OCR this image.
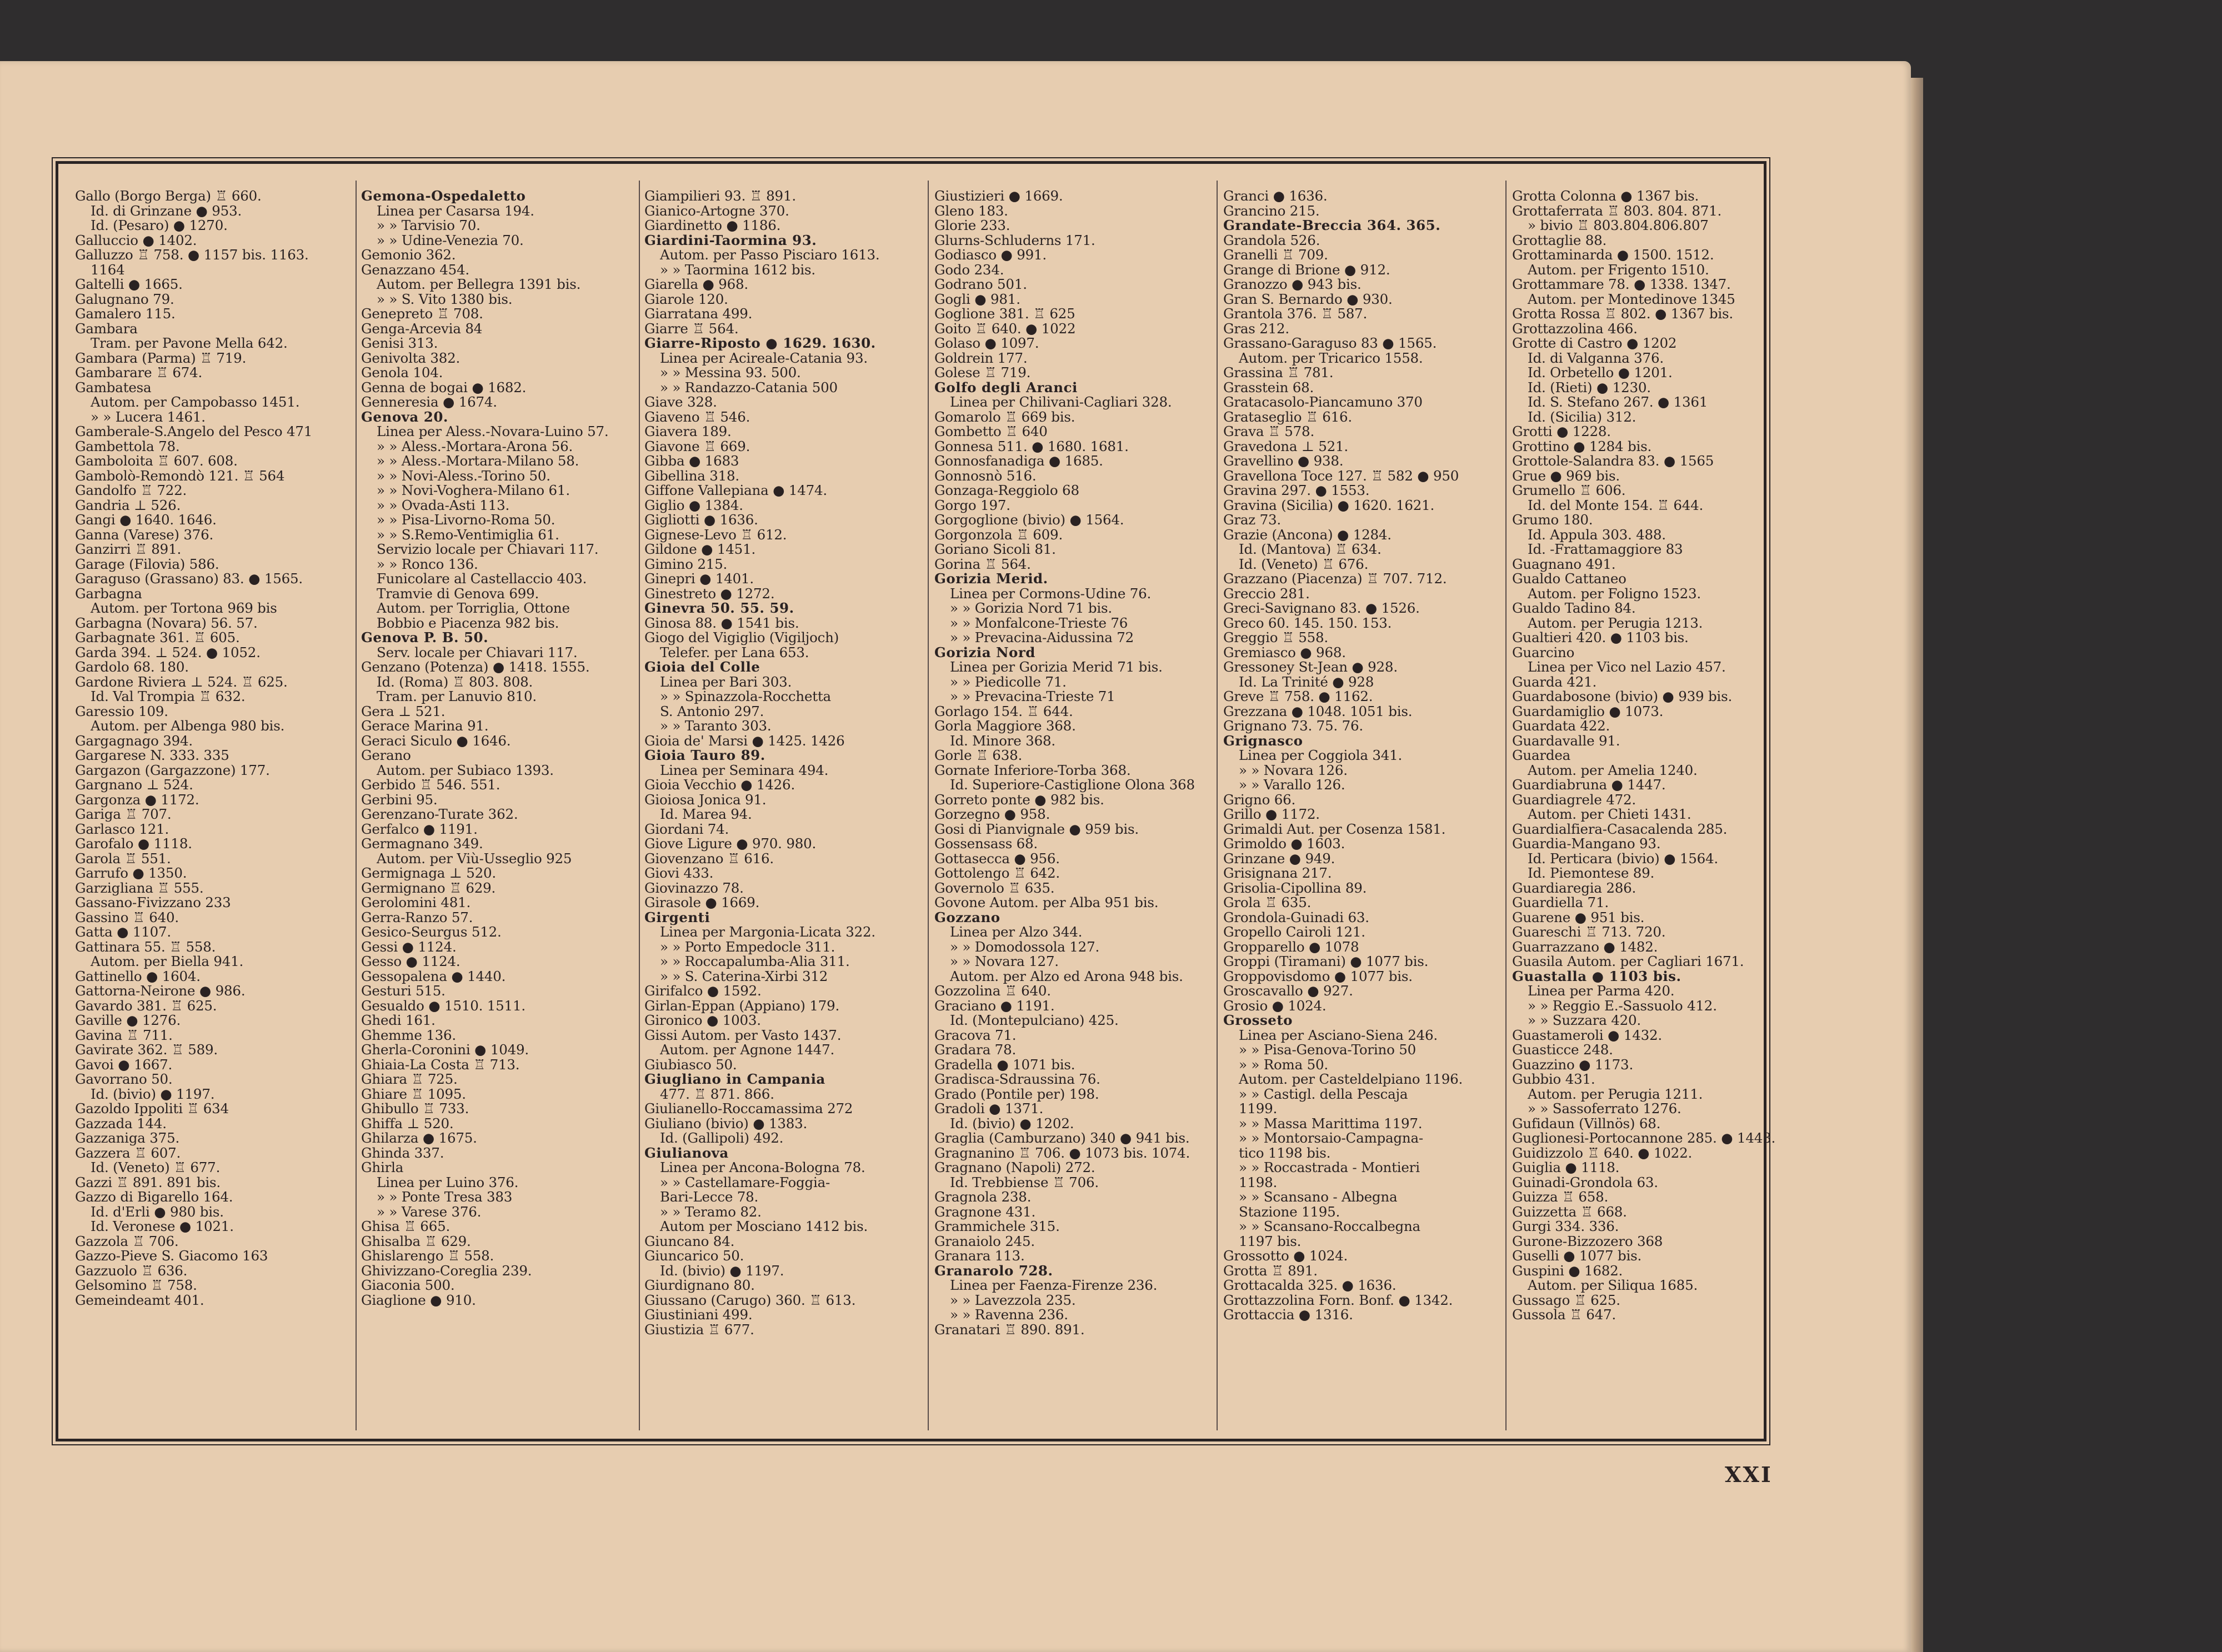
Gallo (Borgo Berga) ♖ 660.
Id. di Grinzane ● 953.
Id. (Pesaro) ● 1270.
Galluccio ● 1402.
Galluzzo ♖ 758. ● 1157 bis. 1163.
1164
Galtelli ● 1665.
Galugnano 79.
Gamalero 115.
Gambara
Tram. per Pavone Mella 642.
Gambara (Parma) ♖ 719.
Gambarare ♖ 674.
Gambatesa
Autom. per Campobasso 1451.
» » Lucera 1461.
Gamberale-S.Angelo del Pesco 471
Gambettola 78.
Gamboloita ♖ 607. 608.
Gambolò-Remondò 121. ♖ 564
Gandolfo ♖ 722.
Gandria ⊥ 526.
Gangi ● 1640. 1646.
Ganna (Varese) 376.
Ganzirri ♖ 891.
Garage (Filovia) 586.
Garaguso (Grassano) 83. ● 1565.
Garbagna
Autom. per Tortona 969 bis
Garbagna (Novara) 56. 57.
Garbagnate 361. ♖ 605.
Garda 394. ⊥ 524. ● 1052.
Gardolo 68. 180.
Gardone Riviera ⊥ 524. ♖ 625.
Id. Val Trompia ♖ 632.
Garessio 109.
Autom. per Albenga 980 bis.
Gargagnago 394.
Gargarese N. 333. 335
Gargazon (Gargazzone) 177.
Gargnano ⊥ 524.
Gargonza ● 1172.
Gariga ♖ 707.
Garlasco 121.
Garofalo ● 1118.
Garola ♖ 551.
Garrufo ● 1350.
Garzigliana ♖ 555.
Gassano-Fivizzano 233
Gassino ♖ 640.
Gatta ● 1107.
Gattinara 55. ♖ 558.
Autom. per Biella 941.
Gattinello ● 1604.
Gattorna-Neirone ● 986.
Gavardo 381. ♖ 625.
Gaville ● 1276.
Gavina ♖ 711.
Gavirate 362. ♖ 589.
Gavoi ● 1667.
Gavorrano 50.
Id. (bivio) ● 1197.
Gazoldo Ippoliti ♖ 634
Gazzada 144.
Gazzaniga 375.
Gazzera ♖ 607.
Id. (Veneto) ♖ 677.
Gazzi ♖ 891. 891 bis.
Gazzo di Bigarello 164.
Id. d'Erli ● 980 bis.
Id. Veronese ● 1021.
Gazzola ♖ 706.
Gazzo-Pieve S. Giacomo 163
Gazzuolo ♖ 636.
Gelsomino ♖ 758.
Gemeindeamt 401.
Gemona-Ospedaletto
Linea per Casarsa 194.
» » Tarvisio 70.
» » Udine-Venezia 70.
Gemonio 362.
Genazzano 454.
Autom. per Bellegra 1391 bis.
» » S. Vito 1380 bis.
Genepreto ♖ 708.
Genga-Arcevia 84
Genisi 313.
Genivolta 382.
Genola 104.
Genna de bogai ● 1682.
Genneresia ● 1674.
Genova 20.
Linea per Aless.-Novara-Luino 57.
» » Aless.-Mortara-Arona 56.
» » Aless.-Mortara-Milano 58.
» » Novi-Aless.-Torino 50.
» » Novi-Voghera-Milano 61.
» » Ovada-Asti 113.
» » Pisa-Livorno-Roma 50.
» » S.Remo-Ventimiglia 61.
Servizio locale per Chiavari 117.
» » Ronco 136.
Funicolare al Castellaccio 403.
Tramvie di Genova 699.
Autom. per Torriglia, Ottone
Bobbio e Piacenza 982 bis.
Genova P. B. 50.
Serv. locale per Chiavari 117.
Genzano (Potenza) ● 1418. 1555.
Id. (Roma) ♖ 803. 808.
Tram. per Lanuvio 810.
Gera ⊥ 521.
Gerace Marina 91.
Geraci Siculo ● 1646.
Gerano
Autom. per Subiaco 1393.
Gerbido ♖ 546. 551.
Gerbini 95.
Gerenzano-Turate 362.
Gerfalco ● 1191.
Germagnano 349.
Autom. per Viù-Usseglio 925
Germignaga ⊥ 520.
Germignano ♖ 629.
Gerolomini 481.
Gerra-Ranzo 57.
Gesico-Seurgus 512.
Gessi ● 1124.
Gesso ● 1124.
Gessopalena ● 1440.
Gesturi 515.
Gesualdo ● 1510. 1511.
Ghedi 161.
Ghemme 136.
Gherla-Coronini ● 1049.
Ghiaia-La Costa ♖ 713.
Ghiara ♖ 725.
Ghiare ♖ 1095.
Ghibullo ♖ 733.
Ghiffa ⊥ 520.
Ghilarza ● 1675.
Ghinda 337.
Ghirla
Linea per Luino 376.
» » Ponte Tresa 383
» » Varese 376.
Ghisa ♖ 665.
Ghisalba ♖ 629.
Ghislarengo ♖ 558.
Ghivizzano-Coreglia 239.
Giaconia 500.
Giaglione ● 910.
Giampilieri 93. ♖ 891.
Gianico-Artogne 370.
Giardinetto ● 1186.
Giardini-Taormina 93.
Autom. per Passo Pisciaro 1613.
» » Taormina 1612 bis.
Giarella ● 968.
Giarole 120.
Giarratana 499.
Giarre ♖ 564.
Giarre-Riposto ● 1629. 1630.
Linea per Acireale-Catania 93.
» » Messina 93. 500.
» » Randazzo-Catania 500
Giave 328.
Giaveno ♖ 546.
Giavera 189.
Giavone ♖ 669.
Gibba ● 1683
Gibellina 318.
Giffone Vallepiana ● 1474.
Giglio ● 1384.
Gigliotti ● 1636.
Gignese-Levo ♖ 612.
Gildone ● 1451.
Gimino 215.
Ginepri ● 1401.
Ginestreto ● 1272.
Ginevra 50. 55. 59.
Ginosa 88. ● 1541 bis.
Giogo del Vigiglio (Vigiljoch)
Telefer. per Lana 653.
Gioia del Colle
Linea per Bari 303.
» » Spinazzola-Rocchetta
S. Antonio 297.
» » Taranto 303.
Gioia de' Marsi ● 1425. 1426
Gioia Tauro 89.
Linea per Seminara 494.
Gioia Vecchio ● 1426.
Gioiosa Jonica 91.
Id. Marea 94.
Giordani 74.
Giove Ligure ● 970. 980.
Giovenzano ♖ 616.
Giovi 433.
Giovinazzo 78.
Girasole ● 1669.
Girgenti
Linea per Margonia-Licata 322.
» » Porto Empedocle 311.
» » Roccapalumba-Alia 311.
» » S. Caterina-Xirbi 312
Girifalco ● 1592.
Girlan-Eppan (Appiano) 179.
Gironico ● 1003.
Gissi Autom. per Vasto 1437.
Autom. per Agnone 1447.
Giubiasco 50.
Giugliano in Campania
477. ♖ 871. 866.
Giulianello-Roccamassima 272
Giuliano (bivio) ● 1383.
Id. (Gallipoli) 492.
Giulianova
Linea per Ancona-Bologna 78.
» » Castellamare-Foggia-
Bari-Lecce 78.
» » Teramo 82.
Autom per Mosciano 1412 bis.
Giuncano 84.
Giuncarico 50.
Id. (bivio) ● 1197.
Giurdignano 80.
Giussano (Carugo) 360. ♖ 613.
Giustiniani 499.
Giustizia ♖ 677.
Giustizieri ● 1669.
Gleno 183.
Glorie 233.
Glurns-Schluderns 171.
Godiasco ● 991.
Godo 234.
Godrano 501.
Gogli ● 981.
Goglione 381. ♖ 625
Goito ♖ 640. ● 1022
Golaso ● 1097.
Goldrein 177.
Golese ♖ 719.
Golfo degli Aranci
Linea per Chilivani-Cagliari 328.
Gomarolo ♖ 669 bis.
Gombetto ♖ 640
Gonnesa 511. ● 1680. 1681.
Gonnosfanadiga ● 1685.
Gonnosnò 516.
Gonzaga-Reggiolo 68
Gorgo 197.
Gorgoglione (bivio) ● 1564.
Gorgonzola ♖ 609.
Goriano Sicoli 81.
Gorina ♖ 564.
Gorizia Merid.
Linea per Cormons-Udine 76.
» » Gorizia Nord 71 bis.
» » Monfalcone-Trieste 76
» » Prevacina-Aidussina 72
Gorizia Nord
Linea per Gorizia Merid 71 bis.
» » Piedicolle 71.
» » Prevacina-Trieste 71
Gorlago 154. ♖ 644.
Gorla Maggiore 368.
Id. Minore 368.
Gorle ♖ 638.
Gornate Inferiore-Torba 368.
Id. Superiore-Castiglione Olona 368
Gorreto ponte ● 982 bis.
Gorzegno ● 958.
Gosi di Pianvignale ● 959 bis.
Gossensass 68.
Gottasecca ● 956.
Gottolengo ♖ 642.
Governolo ♖ 635.
Govone Autom. per Alba 951 bis.
Gozzano
Linea per Alzo 344.
» » Domodossola 127.
» » Novara 127.
Autom. per Alzo ed Arona 948 bis.
Gozzolina ♖ 640.
Graciano ● 1191.
Id. (Montepulciano) 425.
Gracova 71.
Gradara 78.
Gradella ● 1071 bis.
Gradisca-Sdraussina 76.
Grado (Pontile per) 198.
Gradoli ● 1371.
Id. (bivio) ● 1202.
Graglia (Camburzano) 340 ● 941 bis.
Gragnanino ♖ 706. ● 1073 bis. 1074.
Gragnano (Napoli) 272.
Id. Trebbiense ♖ 706.
Gragnola 238.
Gragnone 431.
Grammichele 315.
Granaiolo 245.
Granara 113.
Granarolo 728.
Linea per Faenza-Firenze 236.
» » Lavezzola 235.
» » Ravenna 236.
Granatari ♖ 890. 891.
Granci ● 1636.
Grancino 215.
Grandate-Breccia 364. 365.
Grandola 526.
Granelli ♖ 709.
Grange di Brione ● 912.
Granozzo ● 943 bis.
Gran S. Bernardo ● 930.
Grantola 376. ♖ 587.
Gras 212.
Grassano-Garaguso 83 ● 1565.
Autom. per Tricarico 1558.
Grassina ♖ 781.
Grasstein 68.
Gratacasolo-Piancamuno 370
Grataseglio ♖ 616.
Grava ♖ 578.
Gravedona ⊥ 521.
Gravellino ● 938.
Gravellona Toce 127. ♖ 582 ● 950
Gravina 297. ● 1553.
Gravina (Sicilia) ● 1620. 1621.
Graz 73.
Grazie (Ancona) ● 1284.
Id. (Mantova) ♖ 634.
Id. (Veneto) ♖ 676.
Grazzano (Piacenza) ♖ 707. 712.
Greccio 281.
Greci-Savignano 83. ● 1526.
Greco 60. 145. 150. 153.
Greggio ♖ 558.
Gremiasco ● 968.
Gressoney St-Jean ● 928.
Id. La Trinité ● 928
Greve ♖ 758. ● 1162.
Grezzana ● 1048. 1051 bis.
Grignano 73. 75. 76.
Grignasco
Linea per Coggiola 341.
» » Novara 126.
» » Varallo 126.
Grigno 66.
Grillo ● 1172.
Grimaldi Aut. per Cosenza 1581.
Grimoldo ● 1603.
Grinzane ● 949.
Grisignana 217.
Grisolia-Cipollina 89.
Grola ♖ 635.
Grondola-Guinadi 63.
Gropello Cairoli 121.
Gropparello ● 1078
Groppi (Tiramani) ● 1077 bis.
Groppovisdomo ● 1077 bis.
Groscavallo ● 927.
Grosio ● 1024.
Grosseto
Linea per Asciano-Siena 246.
» » Pisa-Genova-Torino 50
» » Roma 50.
Autom. per Casteldelpiano 1196.
» » Castigl. della Pescaja
1199.
» » Massa Marittima 1197.
» » Montorsaio-Campagna-
tico 1198 bis.
» » Roccastrada - Montieri
1198.
» » Scansano - Albegna
Stazione 1195.
» » Scansano-Roccalbegna
1197 bis.
Grossotto ● 1024.
Grotta ♖ 891.
Grottacalda 325. ● 1636.
Grottazzolina Forn. Bonf. ● 1342.
Grottaccia ● 1316.
Grotta Colonna ● 1367 bis.
Grottaferrata ♖ 803. 804. 871.
» bivio ♖ 803.804.806.807
Grottaglie 88.
Grottaminarda ● 1500. 1512.
Autom. per Frigento 1510.
Grottammare 78. ● 1338. 1347.
Autom. per Montedinove 1345
Grotta Rossa ♖ 802. ● 1367 bis.
Grottazzolina 466.
Grotte di Castro ● 1202
Id. di Valganna 376.
Id. Orbetello ● 1201.
Id. (Rieti) ● 1230.
Id. S. Stefano 267. ● 1361
Id. (Sicilia) 312.
Grotti ● 1228.
Grottino ● 1284 bis.
Grottole-Salandra 83. ● 1565
Grue ● 969 bis.
Grumello ♖ 606.
Id. del Monte 154. ♖ 644.
Grumo 180.
Id. Appula 303. 488.
Id. -Frattamaggiore 83
Guagnano 491.
Gualdo Cattaneo
Autom. per Foligno 1523.
Gualdo Tadino 84.
Autom. per Perugia 1213.
Gualtieri 420. ● 1103 bis.
Guarcino
Linea per Vico nel Lazio 457.
Guarda 421.
Guardabosone (bivio) ● 939 bis.
Guardamiglio ● 1073.
Guardata 422.
Guardavalle 91.
Guardea
Autom. per Amelia 1240.
Guardiabruna ● 1447.
Guardiagrele 472.
Autom. per Chieti 1431.
Guardialfiera-Casacalenda 285.
Guardia-Mangano 93.
Id. Perticara (bivio) ● 1564.
Id. Piemontese 89.
Guardiaregia 286.
Guardiella 71.
Guarene ● 951 bis.
Guareschi ♖ 713. 720.
Guarrazzano ● 1482.
Guasila Autom. per Cagliari 1671.
Guastalla ● 1103 bis.
Linea per Parma 420.
» » Reggio E.-Sassuolo 412.
» » Suzzara 420.
Guastameroli ● 1432.
Guasticce 248.
Guazzino ● 1173.
Gubbio 431.
Autom. per Perugia 1211.
» » Sassoferrato 1276.
Gufidaun (Villnös) 68.
Guglionesi-Portocannone 285. ● 1443.
Guidizzolo ♖ 640. ● 1022.
Guiglia ● 1118.
Guinadi-Grondola 63.
Guizza ♖ 658.
Guizzetta ♖ 668.
Gurgi 334. 336.
Gurone-Bizzozero 368
Guselli ● 1077 bis.
Guspini ● 1682.
Autom. per Siliqua 1685.
Gussago ♖ 625.
Gussola ♖ 647.
XXI
